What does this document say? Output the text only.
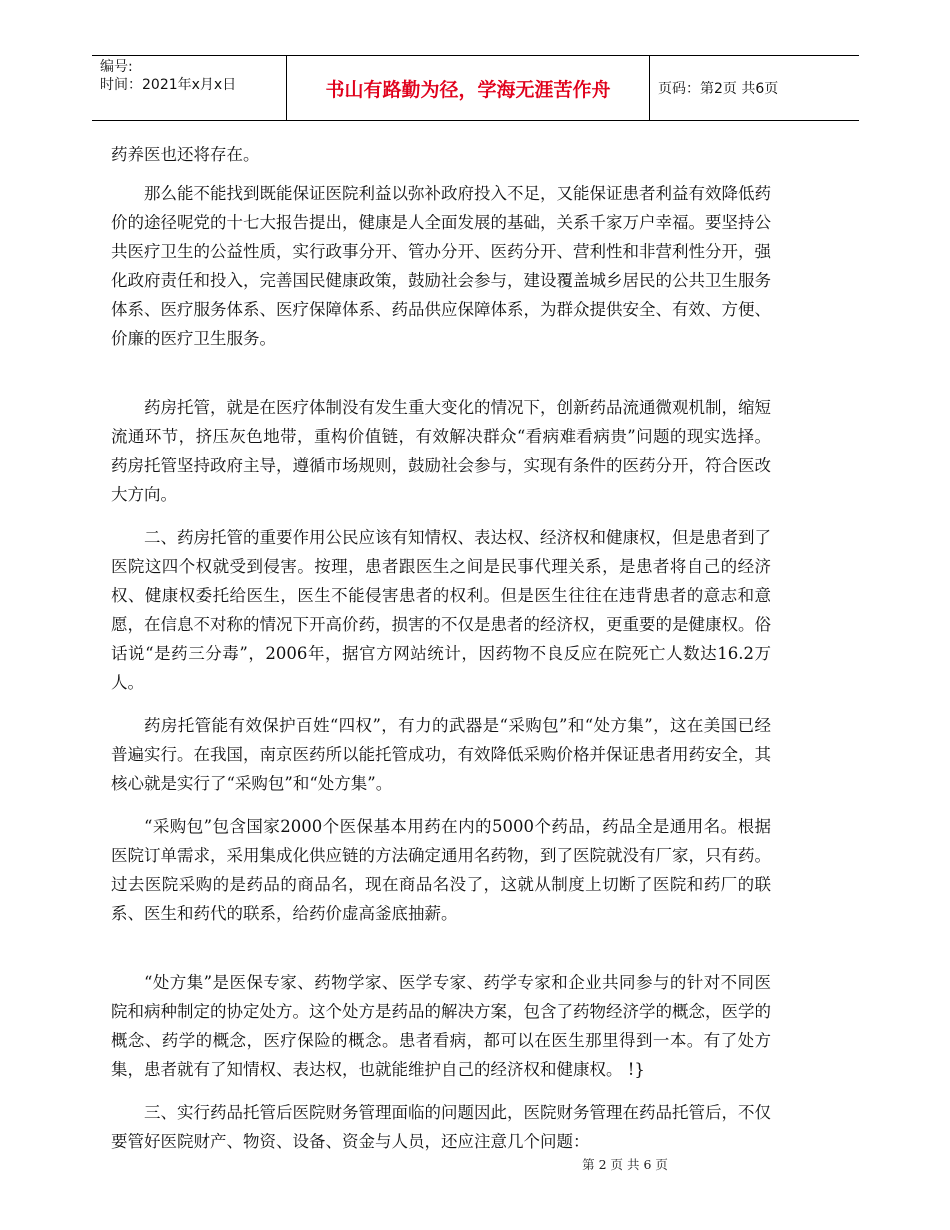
编号:
时间：2021年x月x日	书山有路勤为径，学海无涯苦作舟	页码：第2页 共6页

药养医也还将存在。

那么能不能找到既能保证医院利益以弥补政府投入不足，又能保证患者利益有效降低药价的途径呢党的十七大报告提出，健康是人全面发展的基础，关系千家万户幸福。要坚持公共医疗卫生的公益性质，实行政事分开、管办分开、医药分开、营利性和非营利性分开，强化政府责任和投入，完善国民健康政策，鼓励社会参与，建设覆盖城乡居民的公共卫生服务体系、医疗服务体系、医疗保障体系、药品供应保障体系，为群众提供安全、有效、方便、价廉的医疗卫生服务。

药房托管，就是在医疗体制没有发生重大变化的情况下，创新药品流通微观机制，缩短流通环节，挤压灰色地带，重构价值链，有效解决群众“看病难看病贵”问题的现实选择。药房托管坚持政府主导，遵循市场规则，鼓励社会参与，实现有条件的医药分开，符合医改大方向。

二、药房托管的重要作用公民应该有知情权、表达权、经济权和健康权，但是患者到了医院这四个权就受到侵害。按理，患者跟医生之间是民事代理关系，是患者将自己的经济权、健康权委托给医生，医生不能侵害患者的权利。但是医生往往在违背患者的意志和意愿，在信息不对称的情况下开高价药，损害的不仅是患者的经济权，更重要的是健康权。俗话说“是药三分毒”，2006年，据官方网站统计，因药物不良反应在院死亡人数达16.2万人。

药房托管能有效保护百姓“四权”，有力的武器是“采购包”和“处方集”，这在美国已经普遍实行。在我国，南京医药所以能托管成功，有效降低采购价格并保证患者用药安全，其核心就是实行了“采购包”和“处方集”。

“采购包”包含国家2000个医保基本用药在内的5000个药品，药品全是通用名。根据医院订单需求，采用集成化供应链的方法确定通用名药物，到了医院就没有厂家，只有药。过去医院采购的是药品的商品名，现在商品名没了，这就从制度上切断了医院和药厂的联系、医生和药代的联系，给药价虚高釜底抽薪。

“处方集”是医保专家、药物学家、医学专家、药学专家和企业共同参与的针对不同医院和病种制定的协定处方。这个处方是药品的解决方案，包含了药物经济学的概念，医学的概念、药学的概念，医疗保险的概念。患者看病，都可以在医生那里得到一本。有了处方集，患者就有了知情权、表达权，也就能维护自己的经济权和健康权。 !}

三、实行药品托管后医院财务管理面临的问题因此，医院财务管理在药品托管后，不仅要管好医院财产、物资、设备、资金与人员，还应注意几个问题：

第 2 页 共 6 页
